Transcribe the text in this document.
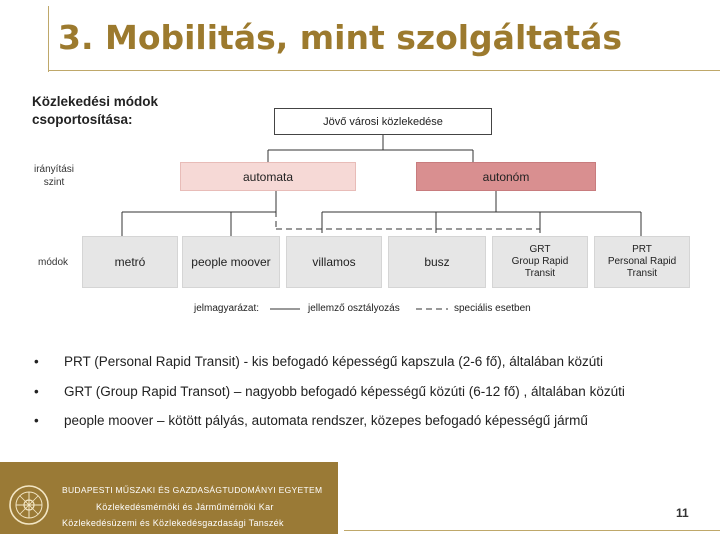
3. Mobilitás, mint szolgáltatás
Közlekedési módok
csoportosítása:	Jövő városi közlekedése
irányítási
szint	automata	autonóm
módok	metró	people moover	villamos	busz
GRT
Group Rapid
Transit
PRT
Personal Rapid
Transit
jelmagyarázat:	jellemző osztályozás	speciális esetben
• PRT (Personal Rapid Transit) - kis befogadó képességű kapszula (2-6 fő), általában közúti
• GRT (Group Rapid Transot) – nagyobb befogadó képességű közúti (6-12 fő) , általában közúti
• people moover – kötött pályás, automata rendszer, közepes befogadó képességű jármű
BUDAPESTI MŰSZAKI ÉS GAZDASÁGTUDOMÁNYI EGYETEM
Közlekedésmérnöki és Járműmérnöki Kar
Közlekedésüzemi és Közlekedésgazdasági Tanszék
11
